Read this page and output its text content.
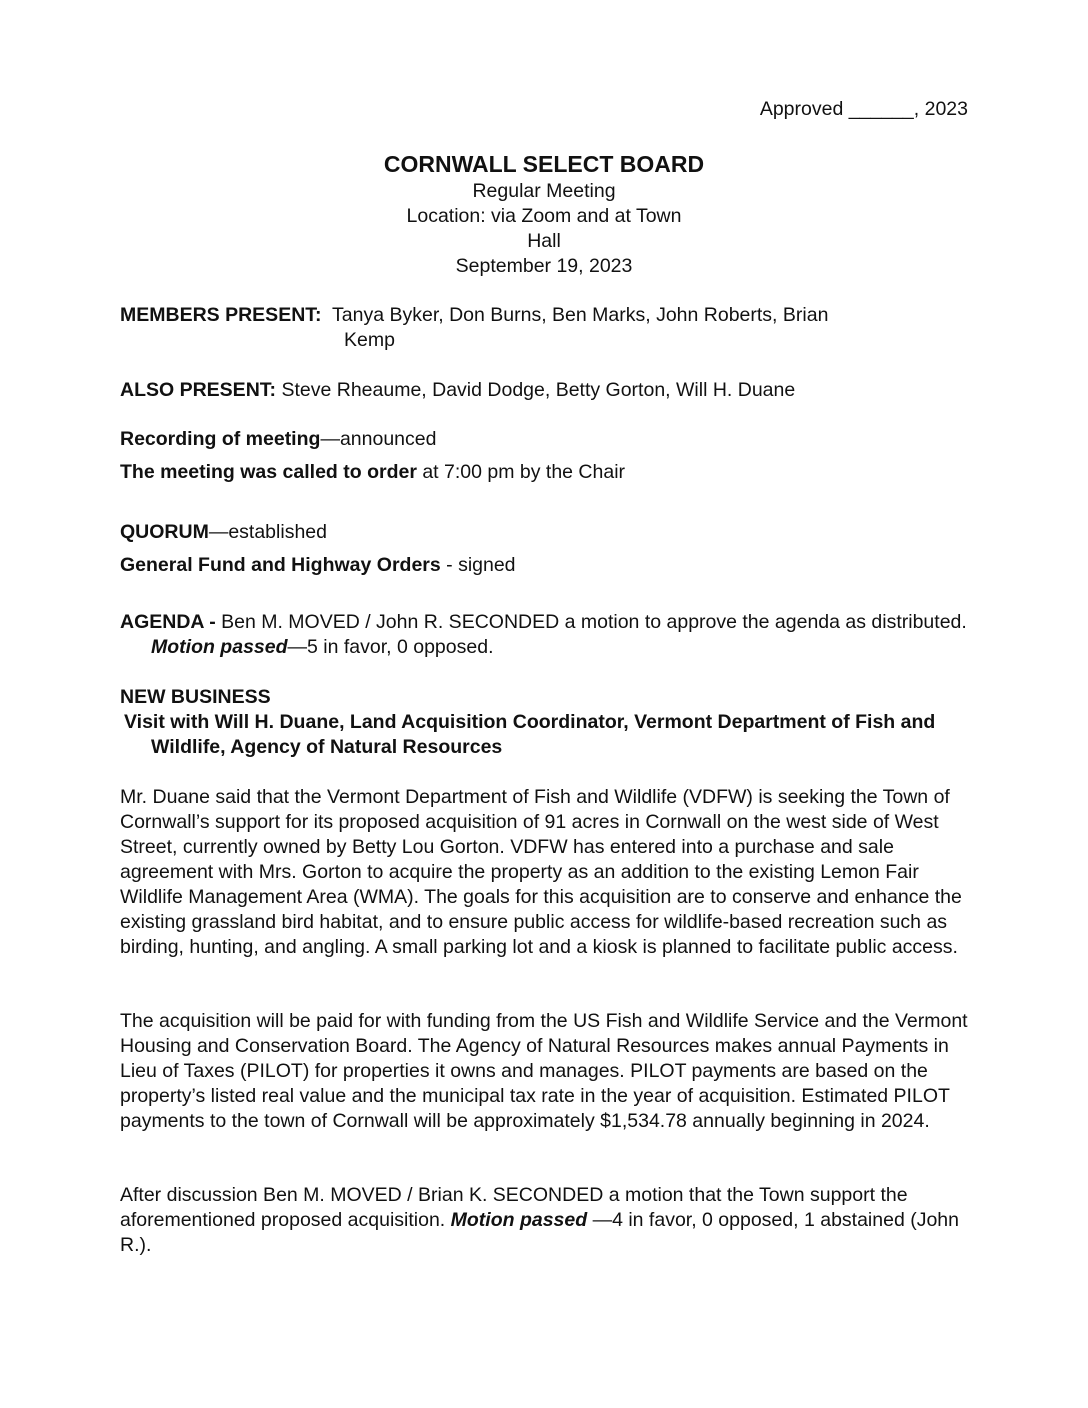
Approved ______, 2023
CORNWALL SELECT BOARD
Regular Meeting
Location: via Zoom and at Town
Hall
September 19, 2023
MEMBERS PRESENT: Tanya Byker, Don Burns, Ben Marks, John Roberts, Brian
Kemp
ALSO PRESENT: Steve Rheaume, David Dodge, Betty Gorton, Will H. Duane
Recording of meeting—announced
The meeting was called to order at 7:00 pm by the Chair
QUORUM—established
General Fund and Highway Orders - signed
AGENDA - Ben M. MOVED / John R. SECONDED a motion to approve the agenda as distributed. Motion passed—5 in favor, 0 opposed.
NEW BUSINESS
Visit with Will H. Duane, Land Acquisition Coordinator, Vermont Department of Fish and Wildlife, Agency of Natural Resources
Mr. Duane said that the Vermont Department of Fish and Wildlife (VDFW) is seeking the Town of Cornwall’s support for its proposed acquisition of 91 acres in Cornwall on the west side of West Street, currently owned by Betty Lou Gorton. VDFW has entered into a purchase and sale agreement with Mrs. Gorton to acquire the property as an addition to the existing Lemon Fair Wildlife Management Area (WMA). The goals for this acquisition are to conserve and enhance the existing grassland bird habitat, and to ensure public access for wildlife-based recreation such as birding, hunting, and angling. A small parking lot and a kiosk is planned to facilitate public access.
The acquisition will be paid for with funding from the US Fish and Wildlife Service and the Vermont Housing and Conservation Board. The Agency of Natural Resources makes annual Payments in Lieu of Taxes (PILOT) for properties it owns and manages. PILOT payments are based on the property’s listed real value and the municipal tax rate in the year of acquisition. Estimated PILOT payments to the town of Cornwall will be approximately $1,534.78 annually beginning in 2024.
After discussion Ben M. MOVED / Brian K. SECONDED a motion that the Town support the aforementioned proposed acquisition. Motion passed —4 in favor, 0 opposed, 1 abstained (John R.).
